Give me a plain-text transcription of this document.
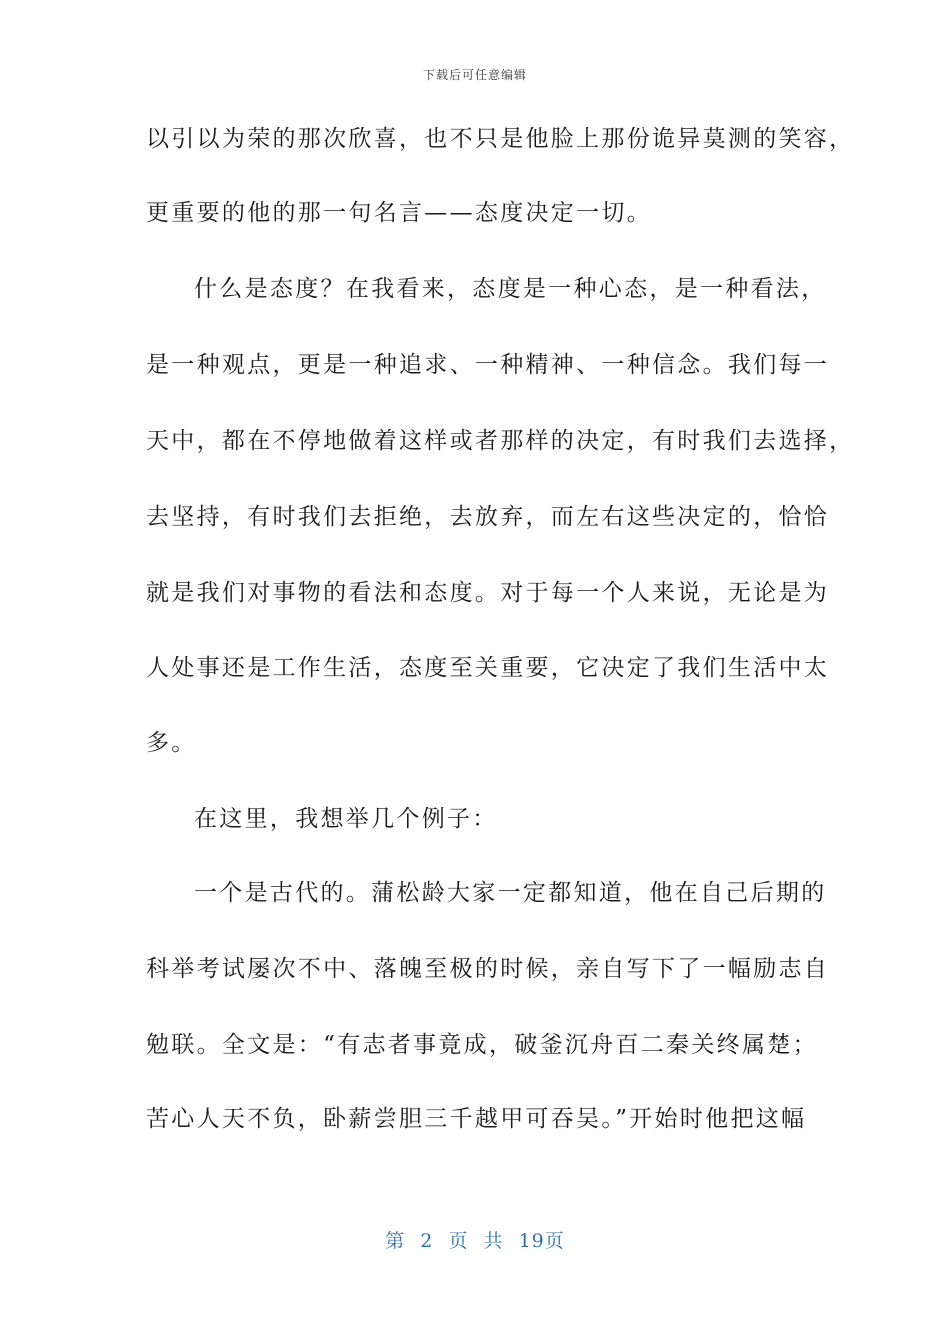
下载后可任意编辑
以引以为荣的那次欣喜，也不只是他脸上那份诡异莫测的笑容，
更重要的他的那一句名言——态度决定一切。
什么是态度？在我看来，态度是一种心态，是一种看法，
是一种观点，更是一种追求、一种精神、一种信念。我们每一
天中，都在不停地做着这样或者那样的决定，有时我们去选择，
去坚持，有时我们去拒绝，去放弃，而左右这些决定的，恰恰
就是我们对事物的看法和态度。对于每一个人来说，无论是为
人处事还是工作生活，态度至关重要，它决定了我们生活中太
多。
在这里，我想举几个例子：
一个是古代的。蒲松龄大家一定都知道，他在自己后期的
科举考试屡次不中、落魄至极的时候，亲自写下了一幅励志自
勉联。全文是：“有志者事竟成，破釜沉舟百二秦关终属楚；
苦心人天不负，卧薪尝胆三千越甲可吞吴。”开始时他把这幅
第 2 页 共 19页
